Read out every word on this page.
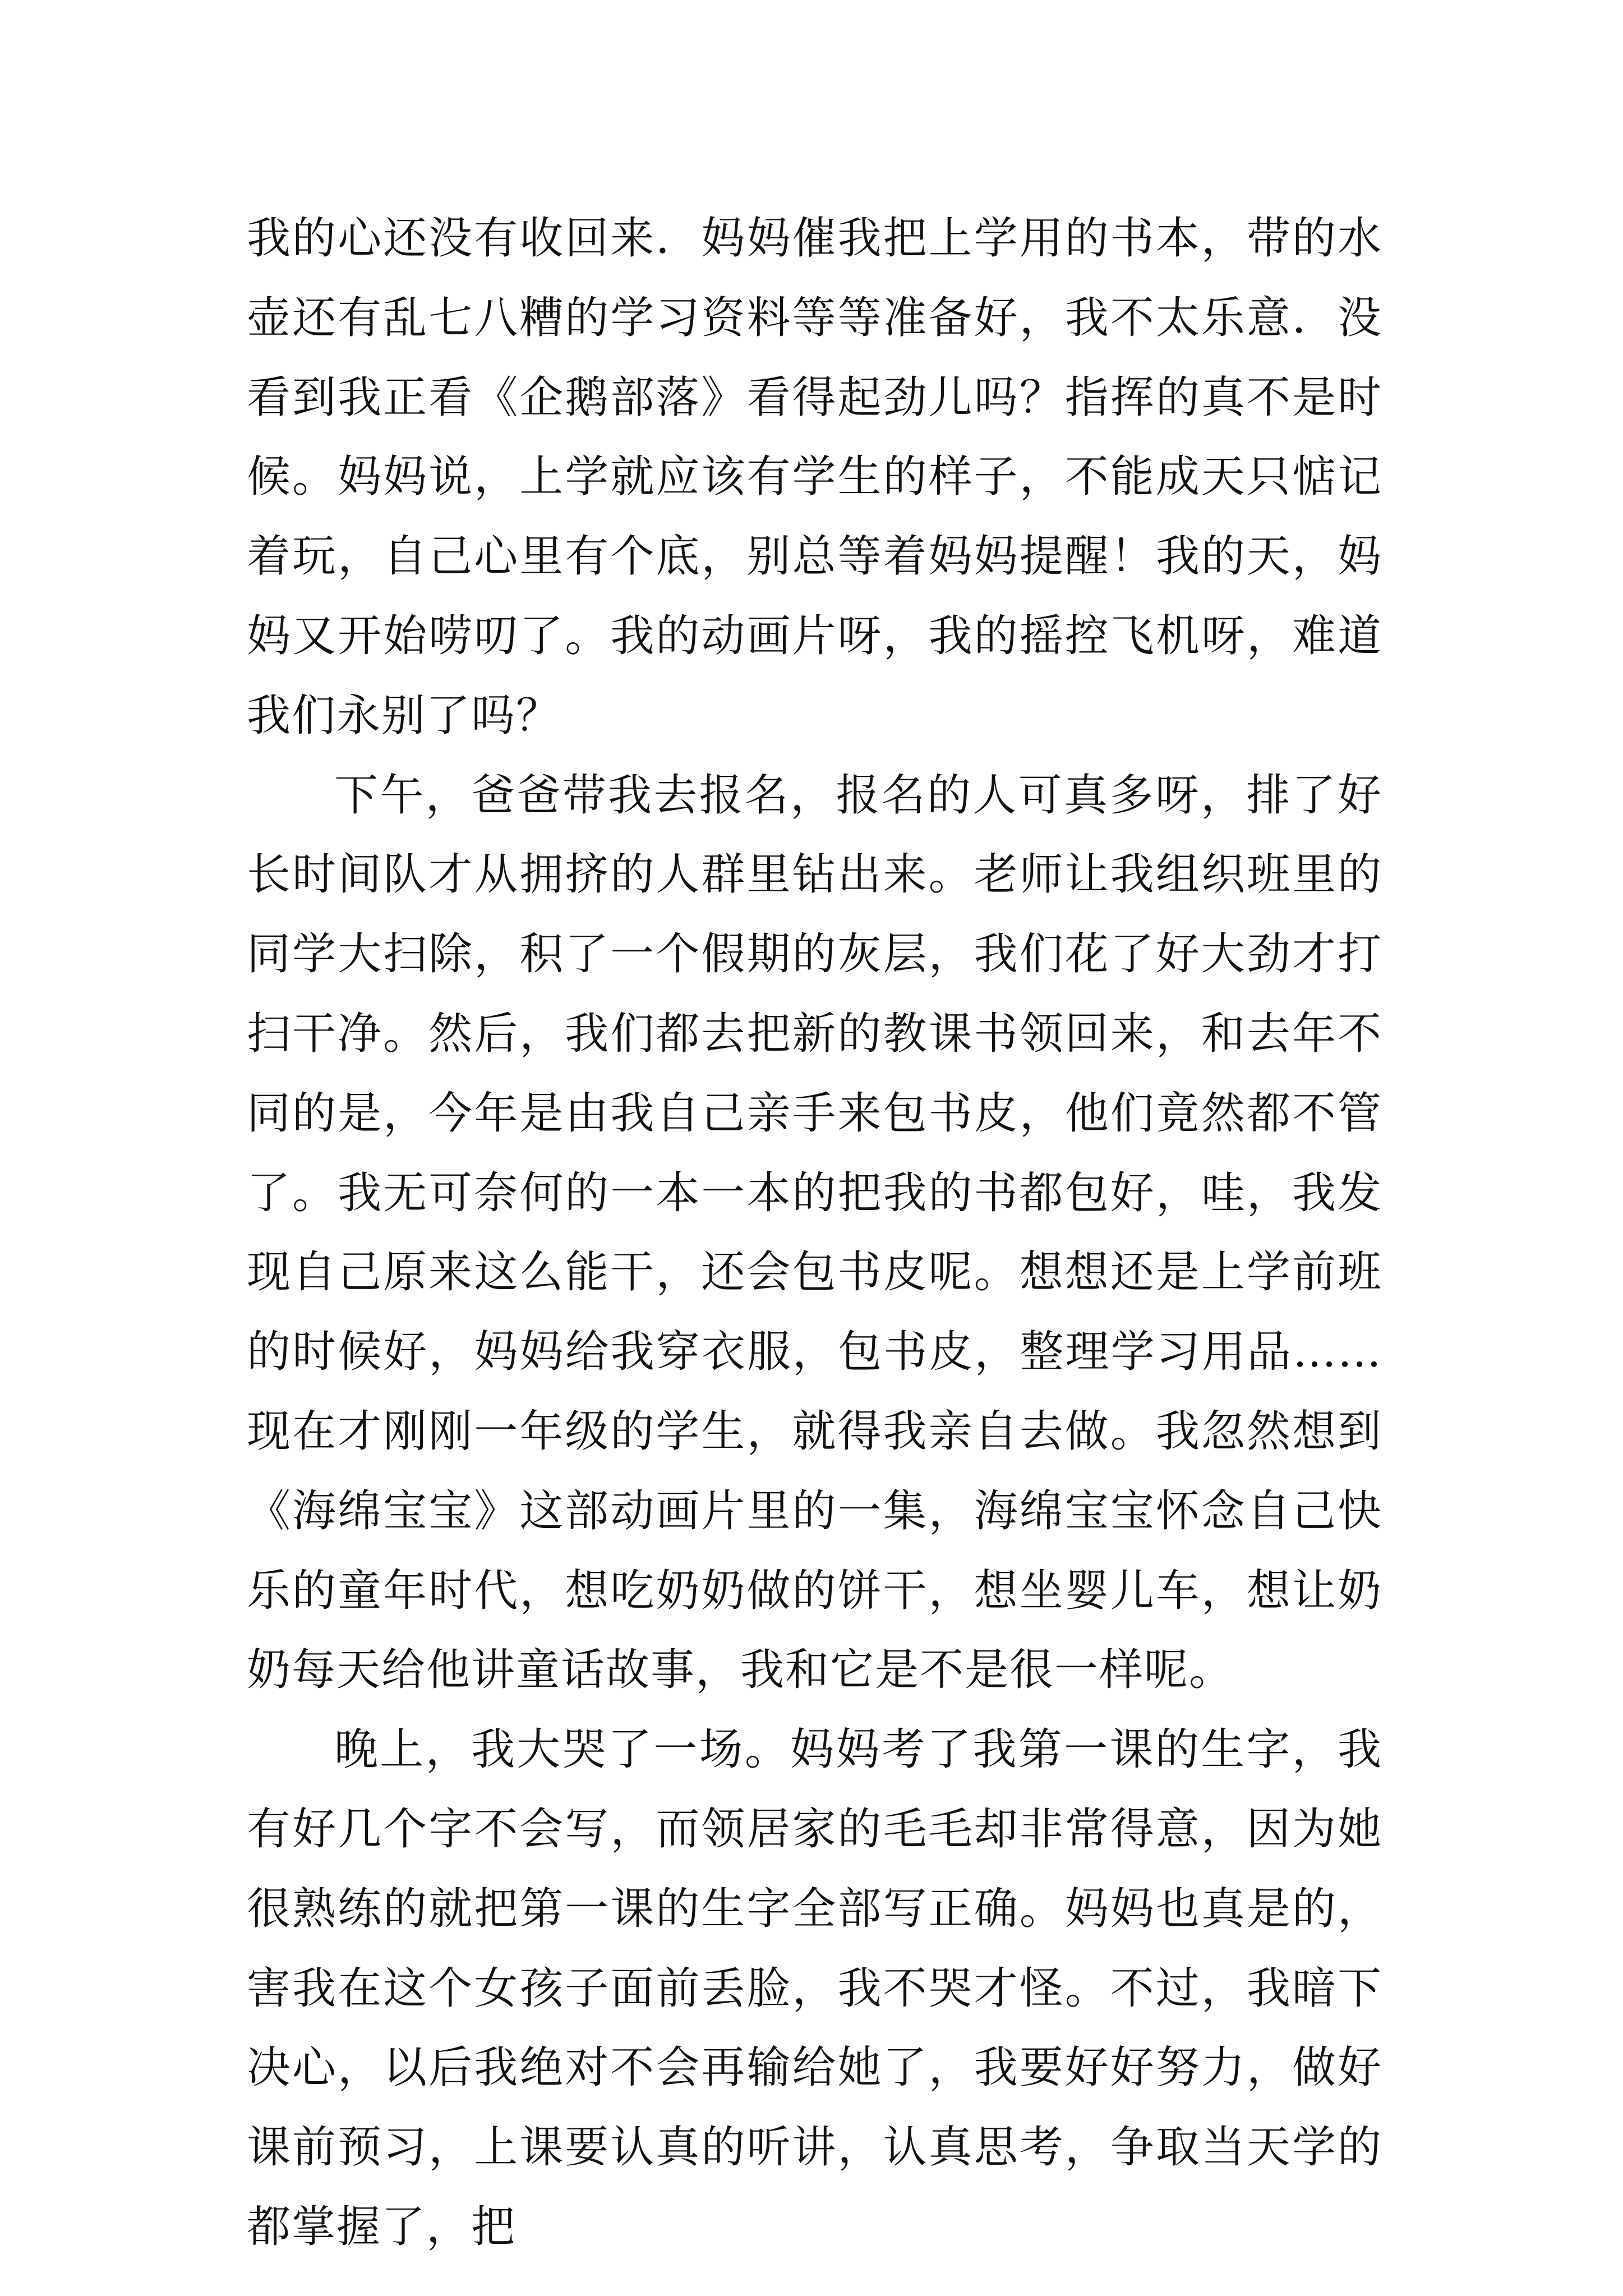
我的心还没有收回来．妈妈催我把上学用的书本，带的水壶还有乱七八糟的学习资料等等准备好，我不太乐意．没看到我正看《企鹅部落》看得起劲儿吗？指挥的真不是时候。妈妈说，上学就应该有学生的样子，不能成天只惦记着玩，自己心里有个底，别总等着妈妈提醒！我的天，妈妈又开始唠叨了。我的动画片呀，我的摇控飞机呀，难道我们永别了吗？

下午，爸爸带我去报名，报名的人可真多呀，排了好长时间队才从拥挤的人群里钻出来。老师让我组织班里的同学大扫除，积了一个假期的灰层，我们花了好大劲才打扫干净。然后，我们都去把新的教课书领回来，和去年不同的是，今年是由我自己亲手来包书皮，他们竟然都不管了。我无可奈何的一本一本的把我的书都包好，哇，我发现自己原来这么能干，还会包书皮呢。想想还是上学前班的时候好，妈妈给我穿衣服，包书皮，整理学习用品……现在才刚刚一年级的学生，就得我亲自去做。我忽然想到《海绵宝宝》这部动画片里的一集，海绵宝宝怀念自己快乐的童年时代，想吃奶奶做的饼干，想坐婴儿车，想让奶奶每天给他讲童话故事，我和它是不是很一样呢。

晚上，我大哭了一场。妈妈考了我第一课的生字，我有好几个字不会写，而领居家的毛毛却非常得意，因为她很熟练的就把第一课的生字全部写正确。妈妈也真是的，害我在这个女孩子面前丢脸，我不哭才怪。不过，我暗下决心，以后我绝对不会再输给她了，我要好好努力，做好课前预习，上课要认真的听讲，认真思考，争取当天学的都掌握了，把
